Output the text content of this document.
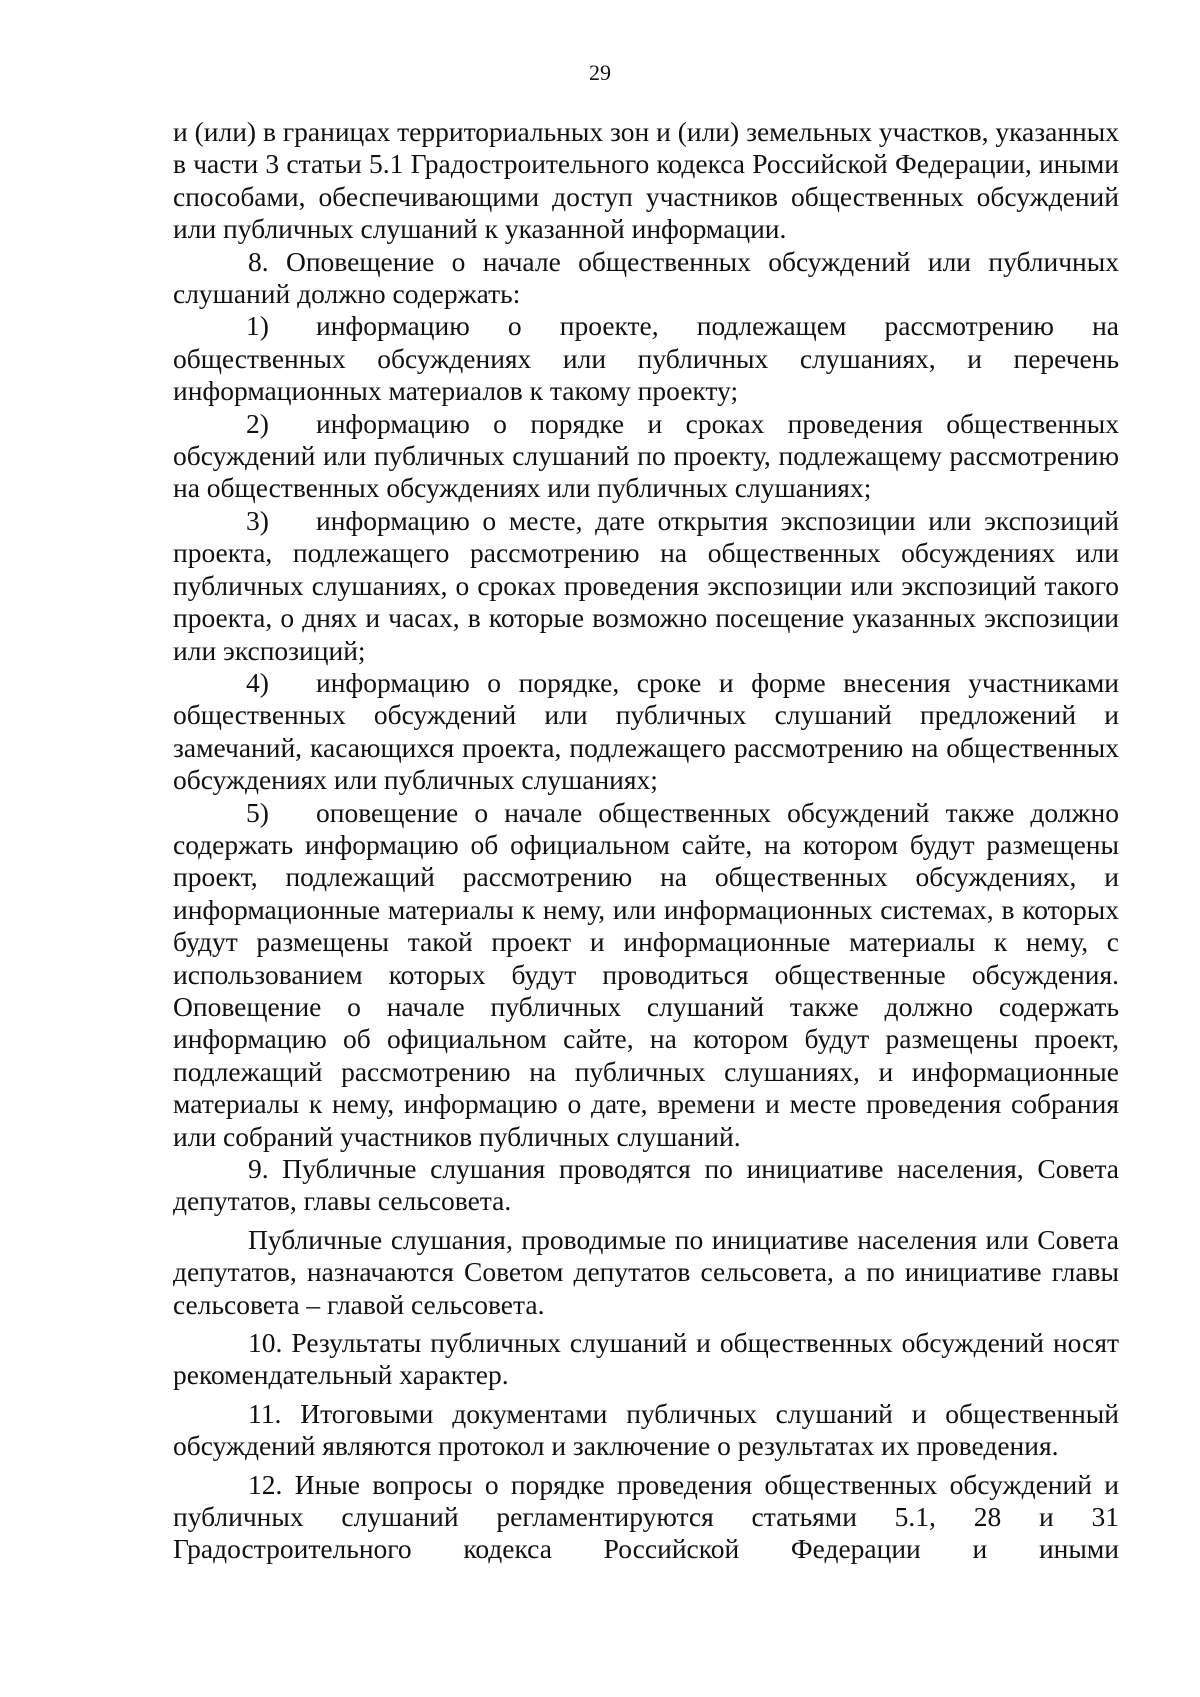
29

и (или) в границах территориальных зон и (или) земельных участков, указанных в части 3 статьи 5.1 Градостроительного кодекса Российской Федерации, иными способами, обеспечивающими доступ участников общественных обсуждений или публичных слушаний к указанной информации.

8. Оповещение о начале общественных обсуждений или публичных слушаний должно содержать:

1)	информацию о проекте, подлежащем рассмотрению на

общественных обсуждениях или публичных слушаниях, и перечень информационных материалов к такому проекту;

2)	информацию о порядке и сроках проведения общественных

обсуждений или публичных слушаний по проекту, подлежащему рассмотрению на общественных обсуждениях или публичных слушаниях;

3)	информацию о месте, дате открытия экспозиции или экспозиций

проекта, подлежащего рассмотрению на общественных обсуждениях или публичных слушаниях, о сроках проведения экспозиции или экспозиций такого проекта, о днях и часах, в которые возможно посещение указанных экспозиции или экспозиций;

4)	информацию о порядке, сроке и форме внесения участниками

общественных обсуждений или публичных слушаний предложений и замечаний, касающихся проекта, подлежащего рассмотрению на общественных обсуждениях или публичных слушаниях;

5)	оповещение о начале общественных обсуждений также должно

содержать информацию об официальном сайте, на котором будут размещены проект, подлежащий рассмотрению на общественных обсуждениях, и информационные материалы к нему, или информационных системах, в которых будут размещены такой проект и информационные материалы к нему, с использованием которых будут проводиться общественные обсуждения. Оповещение о начале публичных слушаний также должно содержать информацию об официальном сайте, на котором будут размещены проект, подлежащий рассмотрению на публичных слушаниях, и информационные материалы к нему, информацию о дате, времени и месте проведения собрания или собраний участников публичных слушаний.

9. Публичные слушания проводятся по инициативе населения, Совета депутатов, главы сельсовета.

Публичные слушания, проводимые по инициативе населения или Совета депутатов, назначаются Советом депутатов сельсовета, а по инициативе главы сельсовета – главой сельсовета.

10. Результаты публичных слушаний и общественных обсуждений носят рекомендательный характер.

11. Итоговыми документами публичных слушаний и общественный обсуждений являются протокол и заключение о результатах их проведения.

12. Иные вопросы о порядке проведения общественных обсуждений и публичных слушаний регламентируются статьями 5.1, 28 и 31 Градостроительного кодекса Российской Федерации и иными
